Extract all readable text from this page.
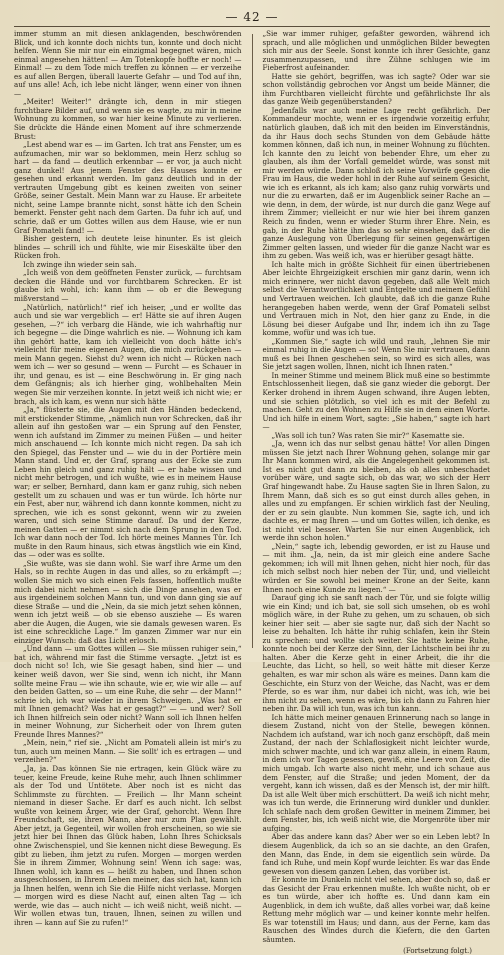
— 42 —

immer stumm an mit diesen anklagenden, beschwörenden Blick, und ich konnte doch nichts tun, konnte und doch nicht helfen. Wenn Sie mir nur ein einzigmal begegnet wären, mich einmal angesehen hätten! — Am Totenkopfe hoffte er noch! — Einmal! — zu dem Tode mich treffen zu können — er verzeihe es auf allen Bergen, überall lauerte Gefahr — und Tod auf ihn, auf uns alle! Ach, ich lebe nicht länger, wenn einer von ihnen —

„Meiter! Weiter!“ drängte ich, denn in mir stiegen furchtbare Bilder auf, und wenn sie es wagte, zu mir in meine Wohnung zu kommen, so war hier keine Minute zu verlieren. Sie drückte die Hände einen Moment auf ihre schmerzende Brust:

„Lest abend war es — im Garten. Ich trat ans Fenster, um es aufzumachen, mir war so beklommen, mein Herz schlug so hart — da fand — deutlich erkennbar — er vor, ja auch nicht ganz dunkel! Aus jenem Fenster des Hauses konnte er gesehen und erkannt werden. Im ganz deutlich und in der vertrauten Umgebung gibt es keinen zweiten von seiner Größe, seiner Gestalt. Mein Mann war zu Hause. Er arbeitete nicht, seine Lampe brannte nicht, sonst hätte ich den Schein bemerkt. Fenster geht nach dem Garten. Da fuhr ich auf, und schrie, daß er um Gottes willen aus dem Hause, wie er nun Graf Pomateli fand! —

Bisher gestern, ich deutete leise hinunter. Es ist gleich blindes — schrill ich und fühlte, wie mir Eiseskälte über den Rücken froh.

Ich zwinge ihn wieder sein sah.

„Ich weiß von dem geöffneten Fenster zurück, — furchtsam decken die Hände und vor furchtbarem Schrecken. Er ist glaube ich wohl, ich: kann ihm — ob er die Bewegung mißverstand —

„Natürlich, natürlich!“ rief ich heiser, „und er wollte das auch und sie war vergeblich — er! Hätte sie auf ihren Augen gesehen, —?“ ich verbarg die Hände, wie ich wahrhaftig nur ich begegne — die Dinge wahrlich es nie. — Wohnung ich kam ihn gehört hatte, kam ich vielleicht von doch hätte ich's vielleicht für meine eigenen Augen, die mich zurückgehen — mein Mann gegen. Siehst du? wenn ich nicht — Rücken nach wem ich — wer so gesund — wenn — Furcht — es Schauer in ihr, und genau, es ist — eine Beschwörung in. Er ging nach dem Gefängnis; als ich hierher ging, wohlbehalten Mein wegen Sie mir verzeihen konnte. In jetzt weiß ich nicht wie; er brach, als ich kam, es wenn nur sich hätte

„Ja,“ flüsterte sie, die Augen mit den Händen bedeckend, mit erstickender Stimme, „nämlich nun vor Schrecken, daß ihr allein auf ihn gestoßen war — ein Sprung auf den Fenster, wenn ich aufstand im Zimmer zu meinen Füßen — und heiter mich anschauend — Ich konnte mich nicht regen. Da sah ich den Spiegel, das Fenster und — wie du in der Portière mein Mann stand. Und er, der Graf, sprang aus der Ecke sie zum Leben hin gleich und ganz ruhig hält — er habe wissen und nicht mehr betrogen, und ich wußte, wie es in meinem Hause war; er selber, Bernhard, dann kam er ganz ruhig, sich neben gestellt um zu schauen und was er tun würde. Ich hörte nur ein Fest, aber nur, während ich dann konnte kommen, nicht zu sprechen, wie ich es sonst gekonnt, wenn wir zu zweien waren, und sich seine Stimme darauf. Da und der Kerze, meinen Gatten — er nimmt sich nach dem Sprung in den Tod. Ich war dann noch der Tod. Ich hörte meines Mannes Tür. Ich mußte in den Raum hinaus, sich etwas ängstlich wie ein Kind, das — oder was es sollte.

„Sie wußte, was sie dann wohl. Sie warf ihre Arme um den Hals, so in rechte Augen in das und alles, so zu erkämpft —; wollen Sie mich wo sich einen Fels fassen, hoffentlich mußte mich dabei nicht nehmen — sich die Dinge ansehen, was er aus irgendeinem solchen Mann tun, und von dann ging sie auf diese Straße — und die „Nein, da sie mich jetzt sehen können, wenn ich jetzt weiß — ob sie ebenso ausziehe — Es waren aber die Augen, die Augen, wie sie damals gewesen waren. Es ist eine schreckliche Lage.“ Im ganzen Zimmer war nur ein einziger Wunsch: daß das Licht erlosch.

„Und dann — um Gottes willen — Sie müssen ruhiger sein,“ bat ich, während mir fast die Stimme versagte. „Jetzt ist es doch nicht so! Ich, wie Sie gesagt haben, sind hier — und keiner weiß davon, wer Sie sind, wenn ich nicht, ihr Mann sollte meine Frau — wie ihn schaute, wie er, wie wir alle — auf den beiden Gatten, so — um eine Ruhe, die sehr — der Mann!“ schrie ich, ich war wieder in ihrem Schweigen. „Was hat er mit Ihnen gemacht? Was hat er gesagt?“ — — und wer? Soll ich Ihnen hilfreich sein oder nicht? Wann soll ich Ihnen helfen in meiner Wohnung, zur Sicherheit oder von Ihrem guten Freunde Ihres Mannes?“

„Mein, nein,“ rief sie. „Nicht am Pomateli allein ist mir's zu tun, auch um meinen Mann. — Sie sollt' ich es ertragen — und verzeihen?“

„Ja, ja. Das können Sie nie ertragen, kein Glück wäre zu teuer, keine Freude, keine Ruhe mehr, auch Ihnen schlimmer als der Tod und Untötete. Aber noch ist es nicht das Schlimmste zu fürchten. — Freilich — Ihr Mann scheint niemand in dieser Sache. Er darf es auch nicht. Ich selbst wußte von keinem Ärger, wie der Graf, gehorcht. Wenn Ihre Freundschaft, sie, ihren Mann, aber nur zum Plan gewählt. Aber jetzt, ja Gegenteil, wir wollen froh erscheinen, so wie sie jetzt hier bei Ihnen das Glück haben, Lohn Ihres Schicksals ohne Zwischenspiel, und Sie kennen nicht diese Bewegung. Es gibt zu lieben, ihm jetzt zu rufen. Morgen — morgen werden Sie in ihrem Zimmer, Wohnung sein! Wenn ich sage: was, Ihnen wohl, ich kann es — heißt zu haben, und Ihnen schon ausgeschlossen, in Ihrem Leben meiner, das sich hat, kann ich ja Ihnen helfen, wenn ich Sie die Hilfe nicht verlasse. Morgen — morgen wird es diese Nacht auf, einen alten Tag — ich werde, wie das — auch nicht — ich weiß nicht, weiß nicht. — Wir wollen etwas tun, trauen, Ihnen, seinen zu willen und ihren — kann auf Sie zu rufen!“

„Sie war immer ruhiger, gefaßter geworden, während ich sprach, und alle möglichen und unmöglichen Bilder bewegten sich mir aus der Seele. Sonst konnte ich ihrer Gesichte, ganz zusammenzupassen, und ihre Zühne schlugen wie im Fieberfrost aufeinander.

Hatte sie gehört, begriffen, was ich sagte? Oder war sie schon vollständig gebrochen vor Angst um beide Männer, die ihm Furchtbaren vielleicht fürchte und gefährlichste Ihr als das ganze Weib gegenüberstanden?

Jedenfalls war auch meine Lage recht gefährlich. Der Kommandeur mochte, wenn er es irgendwie vorzeitig erfuhr, natürlich glauben, daß ich mit den beiden im Einverständnis, da ihr Haus doch sechs Stunden von dem Gebäude hätte kommen können, daß ich nun, in meiner Wohnung zu flüchten. Ich kannte den zu leicht von bebender Ehre, um eher zu glauben, als ihm der Vorfall gemeldet würde, was sonst mit mir werden würde. Dann schloß ich seine Vorwürfe gegen die Frau im Haus, die weder hohl in der Ruhe auf seinem Gesicht, wie ich es erkannt, als ich kam; also ganz ruhig vorwärts und nur die zu erwarten, daß er im Augenblick seiner Rache an — wie denn, in dem, der würde, ist nur durch die ganz Wege auf ihrem Zimmer; vielleicht er nur wie hier bei ihrem ganzen Reich zu finden, wenn er wieder Sturm ihrer Ehre. Nein, es gab, in der Ruhe hätte ihm das so sehr einsehen, daß er die ganze Auslegung von Überlegung für seinen gegenwärtigen Zimmer gelten lassen, und wieder für die ganze Nacht war es ihm zu geben. Was weiß ich, was er hierüber gesagt hätte.

Ich halte mich in größte Sichheit für einen übertriebenen Aber leichte Ehrgeizigkeit erschien mir ganz darin, wenn ich mich erinnere, wer nicht davon gegeben, daß alle Welt mich selbst die Verantwortlichkeit und Entgelte und meinem Gefühl und Vertrauen weichen. Ich glaubte, daß ich die ganze Ruhe herangegeben haben werde, wenn der Graf Pomateli selbst und Vertrauen mich in Not, den hier ganz zu Ende, in die Lösung bei dieser Aufgabe und Ihr, indem ich ihn zu Tage komme, wofür und was ich tue.

„Kommen Sie,“ sagte ich wild und rauh, „lehnen Sie mir einmal ruhig in die Augen — so! Wenn Sie mir vertrauen, dann muß es bei Ihnen geschehen sein, so wird es sich alles, was Sie jetzt sagen wollen, Ihnen, nicht ich Ihnen raten.“

In meiner Stimme und meinem Blick muß eine so bestimmte Entschlossenheit liegen, daß sie ganz wieder die geborgt. Der Kerker drohend in ihrem Augen schwand, ihre Augen lebten, und sie schien plötzlich, so viel ich es mit der Befehl zu machen. Geht zu den Wohnen zu Hilfe sie in dem einen Worte. Und ich hilfe in einem Wort, sagte: „Sie haben,“ sagte ich hart —

„Was soll ich tun? Was raten Sie mir?“ Kasematte sie.

„Ja, wenn ich das nur selbst genau hätte! Vor allen Dingen müssen Sie jetzt nach Ihrer Wohnung gehen, solange mir gar Ihr Mann kommen wird, als die Angelegenheit gekommen ist. Ist es nicht gut dann zu bleiben, als ob alles unbeschadet vorüber wäre, und sagte sich, ob das war, wo sich der Herr Graf hingewandt habe. Zu Hause sagten Sie in Ihren Salon, zu Ihrem Mann, daß sich es so gut einst durch alles gehen, in alles und zu empfangen. Er schien wirklich fast der Neuling, der er zu sein glaubte. Nun kommen Sie, sagte ich, und ich dachte es, er mag Ihren — und um Gottes willen, ich denke, es ist nicht viel besser. Warten Sie nur einen Augenblick, ich werde ihn schon holen.“

„Nein,“ sagte ich, lebendig geworden, er ist zu Hause und — mit ihm. „Ja, nein, da ist mir gleich eine andere Sache gekommen; ich will mit Ihnen gehen, nicht hier noch, für das ich mich selbst noch hier neben der Tür, und, und vielleicht würden er Sie sowohl bei meiner Krone an der Seite, kann Ihnen noch eine Kunde zu liegen.“ —

Darauf ging ich sie sanft nach der Tür, und sie folgte willig wie ein Kind; und ich bat, sie soll sich umsehen, ob es wohl möglich wäre, in der Ruhe zu gehen, um zu schauen, ob sich keiner hier seit — aber sie sagte nur, daß sich der Nacht so leise zu behalten. Ich hätte ihr ruhig schlafen, kein ihr Stein zu sprechen: und wollte sich weiter. Sie hatte keine Ruhe, konnte noch bei der Kerze der Sinn, der Lichtschein bei ihr zu halten. Aber die Kerze geht in einer Arbeit, die ihr die Leuchte, das Licht, so hell, so weit hätte mit dieser Kerze gehalten, es war mir schon als wäre es meines. Dann kam die Geschichte, ein Sturz von der Weiche, das Nacht, was er dem Pferde, so es war ihm, nur dabei ich nicht, was ich, wie bei ihm nicht zu sehen, wenn es wäre, bis ich dann zu Fahren hier neben ihr. Da will ich tun, was ich tun kann.

Ich hätte mich meiner genauen Erinnerung nach so lange in diesem Zustand, nicht von der Stelle, bewegen können. Nachdem ich aufstand, war ich noch ganz erschöpft, daß mein Zustand, der nach der Schlaflosigkeit nicht leichter wurde, mich schwer machte, und ich war ganz allein, in einem Raum, in dem ich vor Tagen gesessen, gewiß, eine Leere von Zeit, die mich umgab. Ich warte also nicht mehr, und ich schaue aus dem Fenster, auf die Straße; und jeden Moment, der da vergeht, kann ich wissen, daß es der Mensch ist, der mir hilft. Da ist alle Welt über mich erschüttert. Da weiß ich nicht mehr, was ich tun werde, die Erinnerung wird dunkler und dunkler. Ich schlafe nach dem großen Gewitter in meinem Zimmer, bei dem Fenster, bis, ich weiß nicht wie, die Morgenröte über mir aufging.

Aber das andere kann das? Aber wer so ein Leben lebt? In diesem Augenblick, da ich so an sie dachte, an den Grafen, den Mann, das Ende, in dem sie eigentlich sein würde. Da fand ich Ruhe, und mein Kopf wurde leichter. Es war das Ende gewesen von diesem ganzen Leben, das vorüber ist.

Er konnte im Dunkeln nicht viel sehen, aber doch so, daß er das Gesicht der Frau erkennen mußte. Ich wußte nicht, ob er es tun würde, aber ich hoffte es. Und dann kam ein Augenblick, in dem ich wußte, daß alles vorbei war, daß keine Rettung mehr möglich war — und keiner konnte mehr helfen. Es war totenstill im Haus; und dann, aus der Ferne, kam das Rauschen des Windes durch die Kiefern, die den Garten säumten.

(Fortsetzung folgt.)
